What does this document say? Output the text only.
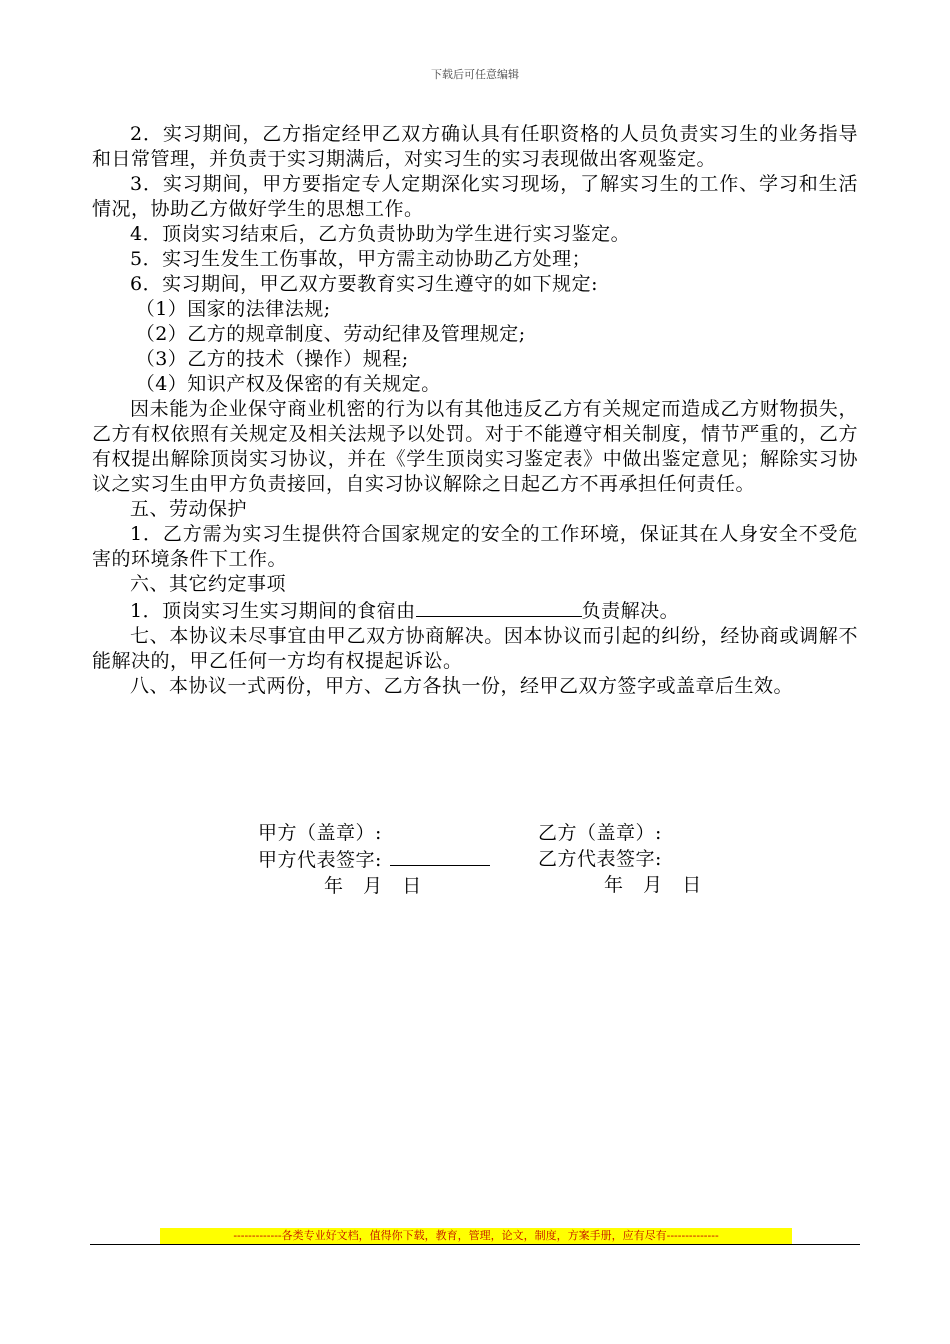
下载后可任意编辑

2．实习期间，乙方指定经甲乙双方确认具有任职资格的人员负责实习生的业务指导和日常管理，并负责于实习期满后，对实习生的实习表现做出客观鉴定。

3．实习期间，甲方要指定专人定期深化实习现场，了解实习生的工作、学习和生活情况，协助乙方做好学生的思想工作。

4．顶岗实习结束后，乙方负责协助为学生进行实习鉴定。

5．实习生发生工伤事故，甲方需主动协助乙方处理；

6．实习期间，甲乙双方要教育实习生遵守的如下规定:

（1）国家的法律法规;

（2）乙方的规章制度、劳动纪律及管理规定;

（3）乙方的技术（操作）规程;

（4）知识产权及保密的有关规定。

因未能为企业保守商业机密的行为以有其他违反乙方有关规定而造成乙方财物损失，乙方有权依照有关规定及相关法规予以处罚。对于不能遵守相关制度，情节严重的，乙方有权提出解除顶岗实习协议，并在《学生顶岗实习鉴定表》中做出鉴定意见；解除实习协议之实习生由甲方负责接回，自实习协议解除之日起乙方不再承担任何责任。

五、劳动保护

1．乙方需为实习生提供符合国家规定的安全的工作环境，保证其在人身安全不受危害的环境条件下工作。

六、其它约定事项

1．顶岗实习生实习期间的食宿由	负责解决。

七、本协议未尽事宜由甲乙双方协商解决。因本协议而引起的纠纷，经协商或调解不能解决的，甲乙任何一方均有权提起诉讼。

八、本协议一式两份，甲方、乙方各执一份，经甲乙双方签字或盖章后生效。

甲方（盖章）:
甲方代表签字:
年   月   日
乙方（盖章）:
乙方代表签字:
年   月   日
-------------各类专业好文档，值得你下载，教育，管理，论文，制度，方案手册，应有尽有--------------
